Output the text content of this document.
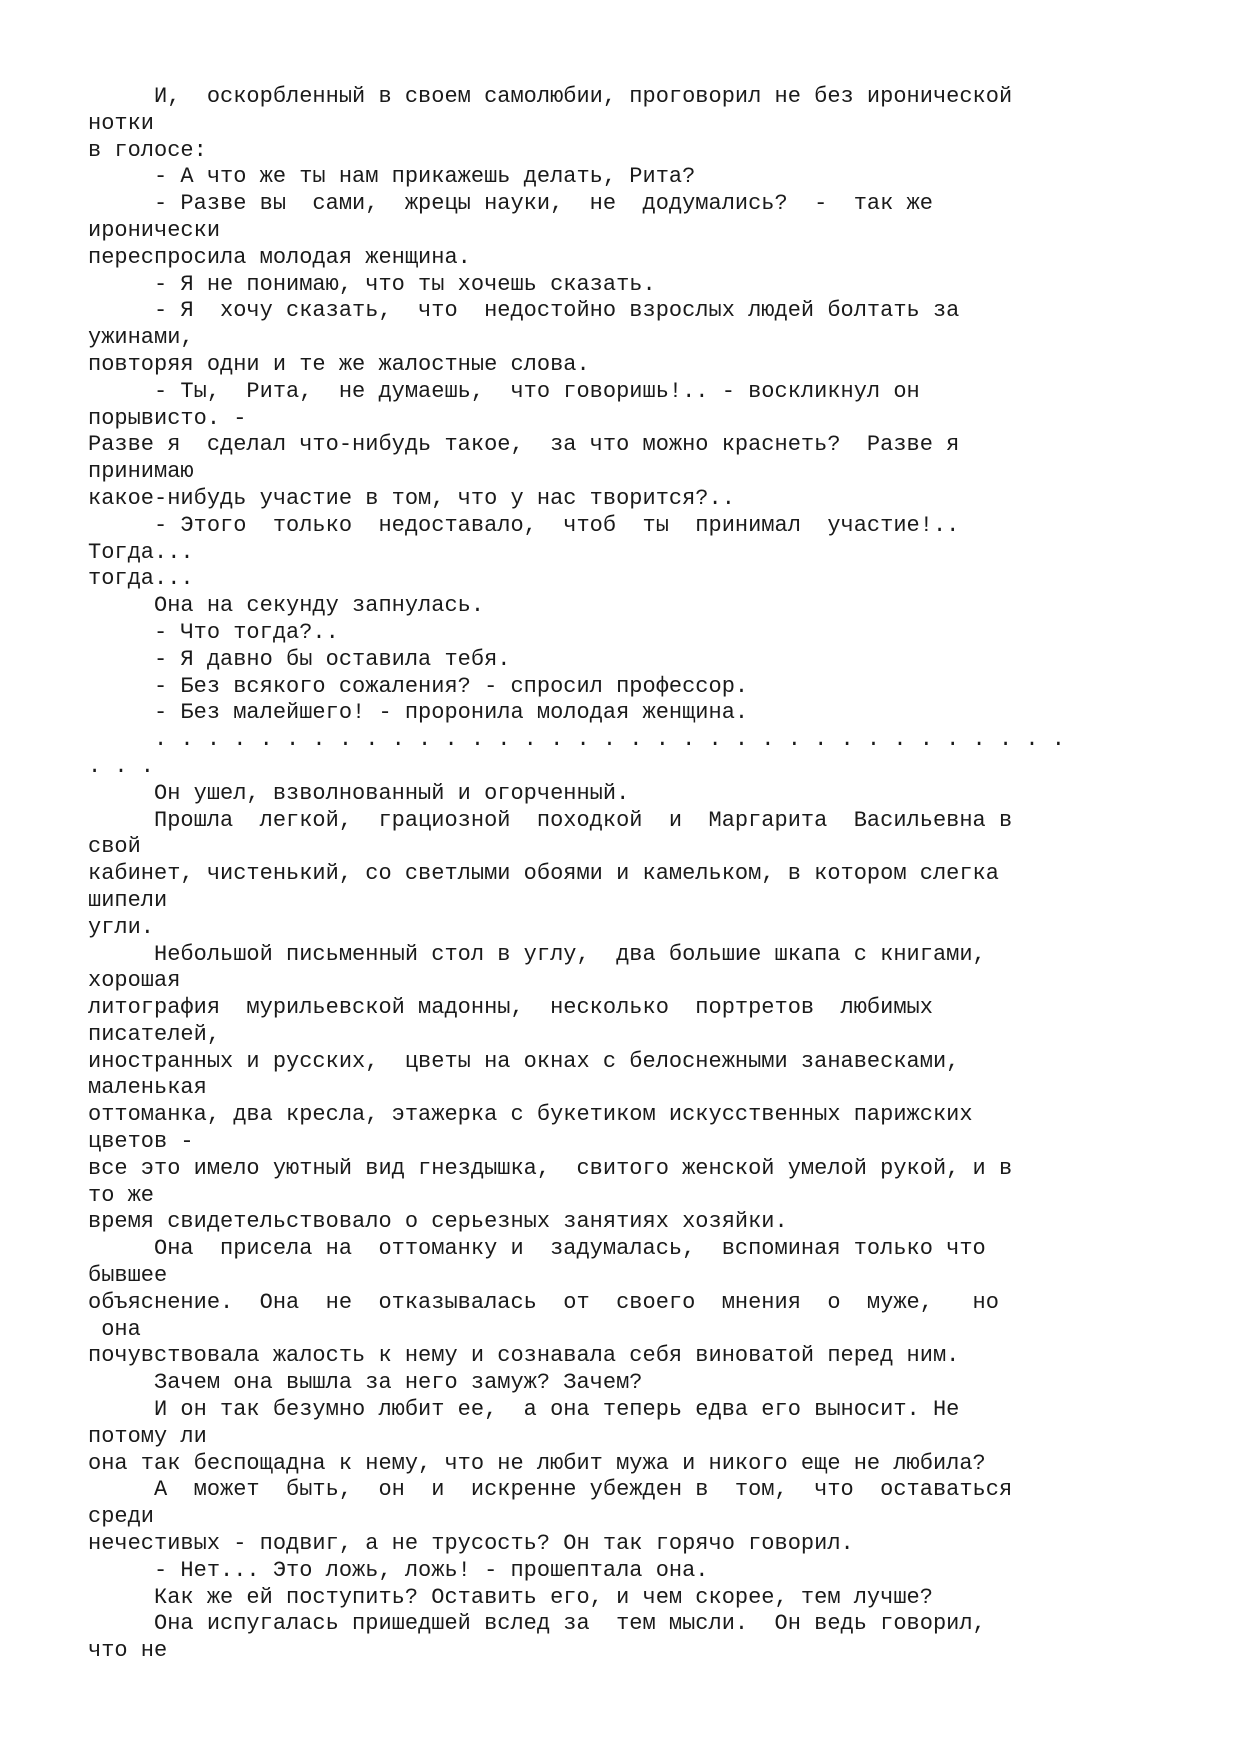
И,  оскорбленный в своем самолюбии, проговорил не без иронической
нотки
в голосе:
- А что же ты нам прикажешь делать, Рита?
- Разве вы  сами,  жрецы науки,  не  додумались?  -  так же
иронически
переспросила молодая женщина.
- Я не понимаю, что ты хочешь сказать.
- Я  хочу сказать,  что  недостойно взрослых людей болтать за
ужинами,
повторяя одни и те же жалостные слова.
- Ты,  Рита,  не думаешь,  что говоришь!.. - воскликнул он
порывисто. -
Разве я  сделал что-нибудь такое,  за что можно краснеть?  Разве я
принимаю
какое-нибудь участие в том, что у нас творится?..
- Этого  только  недоставало,  чтоб  ты  принимал  участие!..
Тогда...
тогда...
Она на секунду запнулась.
- Что тогда?..
- Я давно бы оставила тебя.
- Без всякого сожаления? - спросил профессор.
- Без малейшего! - проронила молодая женщина.
. . . . . . . . . . . . . . . . . . . . . . . . . . . . . . . . . . .
. . .
Он ушел, взволнованный и огорченный.
Прошла  легкой,  грациозной  походкой  и  Маргарита  Васильевна в
свой
кабинет, чистенький, со светлыми обоями и камельком, в котором слегка
шипели
угли.
Небольшой письменный стол в углу,  два большие шкапа с книгами,
хорошая
литография  мурильевской мадонны,  несколько  портретов  любимых
писателей,
иностранных и русских,  цветы на окнах с белоснежными занавесками,
маленькая
оттоманка, два кресла, этажерка с букетиком искусственных парижских
цветов -
все это имело уютный вид гнездышка,  свитого женской умелой рукой, и в
то же
время свидетельствовало о серьезных занятиях хозяйки.
Она  присела на  оттоманку и  задумалась,  вспоминая только что
бывшее
объяснение.  Она  не  отказывалась  от  своего  мнения  о  муже,   но
она
почувствовала жалость к нему и сознавала себя виноватой перед ним.
Зачем она вышла за него замуж? Зачем?
И он так безумно любит ее,  а она теперь едва его выносит. Не
потому ли
она так беспощадна к нему, что не любит мужа и никого еще не любила?
А  может  быть,  он  и  искренне убежден в  том,  что  оставаться
среди
нечестивых - подвиг, а не трусость? Он так горячо говорил.
- Нет... Это ложь, ложь! - прошептала она.
Как же ей поступить? Оставить его, и чем скорее, тем лучше?
Она испугалась пришедшей вслед за  тем мысли.  Он ведь говорил,
что не
